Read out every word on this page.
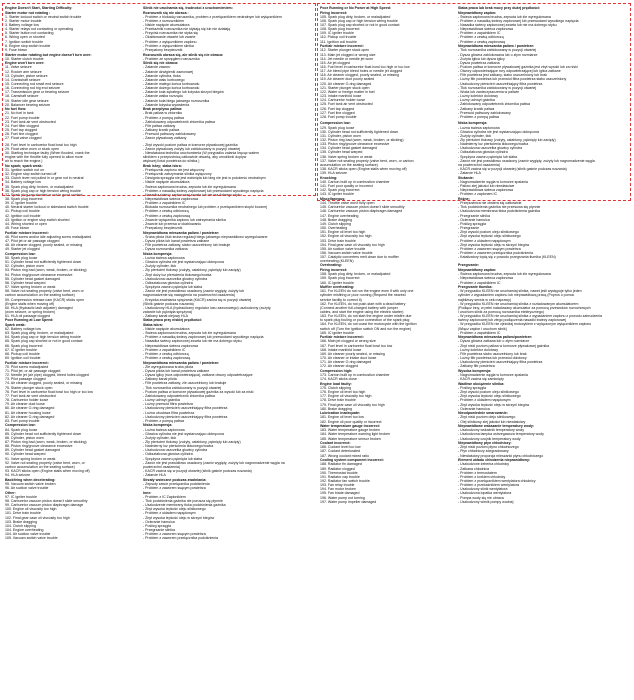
Engine Doesn't Start, Starting Difficulty:	Silnik nie uruchamia się, trudności z uruchomieniem:
Starter motor not rotating :	Rozrusznik się nie obraca :
1. Starter lockout switch or neutral switch trouble	- Problem z blokadą rozrusznika, problem z przełącznikiem neutralnym lub wyłącznikiem
2. Starter motor trouble	- Problem z rozrusznikiem
3. Battery voltage low	- Niskie napięcie akumulatora
4. Starter relays not contacting or operating	- Przekaźniki rozrusznika nie stykają się lub nie działają
5. Starter button not contacting	- Przycisk rozrusznika nie styka się
6. Wiring open or shorted	- Okablowanie otwarte lub zwarte
7. Ignition switch trouble	- Problem z wyłącznikiem zapłonu
8. Engine stop switch trouble	- Problem z wyłącznikiem silnika
9. Fuse blown	- Przepalony bezpiecznik
Starter motor rotating but engine doesn't turn over:	Rozrusznik obraca się, ale silnik się nie obraca:
10. Starter clutch trouble	- Problem ze sprzęgłem rozrusznika
Engine won't turn over:	Silnik się nie obraca:
11. Valve seizure	- Zatarcie zaworu
12. Rocker arm seizure	- Zatarcie dźwigienki zaworowej
13. Cylinder, piston seizure	- Zatarcie cylindra, tłoka
14. Crankshaft seizure	- Zatarcie wału korbowego
15. Connecting rod small end seizure	- Zatarcie małego końca korbowodu
16. Connecting rod big end seizure	- Zatarcie dużego końca korbowodu
17. Transmission gear or bearing seizure	- Zatarcie koła zębatego lub łożyska skrzyni biegów
18. Camshaft seizure	- Zatarcie wałka rozrządu
19. Starter idle gear seizure	- Zatarcie koła biegu jałowego rozrusznika
20. Balancer bearing seizure	- Zatarcie łożyska wyważenia
No fuel flow:	Brak przepływu paliwa:
21. No fuel in tank	- Brak paliwa w zbiorniku
22. Fuel pump trouble	- Problem z pompą paliwa
23. Fuel tank air vent obstructed	- Zablokowany odpowietrznik zbiornika paliwa
24. Fuel filter clogged	- Filtr paliwa zatkany
25. Fuel tap clogged	- Zatkany kranik paliwa
26. Fuel line clogged	- Przewód paliwowy zablokowany
27. Float valve clogged	- Zawór pływakowy zatkany
28. Fuel level in carburetor float bowl too high	- Zbyt wysoki poziom paliwa w komorze pływakowej gaźnika
29. Float valve worn or stuck open	- Zawór pływakowy zużyty lub zablokowany w pozycji otwartej
30. Starting technique faulty (When flooded, crank the	- Niewłaściwa technika uruchomienia (W przypadku zalania kręcąc wałem
engine with the throttle fully opened to allow more	silnikiem z przepustnicą całkowicie otwartą, aby umożliwić dopływ
air to reach the engine.)	większej ilości powietrza do silnika.)
No spark; spark weak:	Brak iskry; słaba iskra:
31. Ignition switch not on	- Przełącznik zapłonu nie jest włączony
32. Engine stop switch turned off	- Przełącznik zatrzymania silnika wyłączony
33. Clutch lever not pulled in or gear not in neutral	- Dźwignia sprzęgła nie jest wciśnięta lub bieg nie jest w położeniu neutralnym
34. Battery voltage low	- Niskie napięcie akumulatora
35. Spark plug dirty, broken, or maladjusted	- Świeca zapłonowa brudna, zepsuta lub źle wyregulowana
36. Spark plug cap or high tension wiring trouble	- Problem z nasadką świecy zapłonowej lub przewodami wysokiego napięcia
37. Spark plug cap shorted or not in good contact	- Nasadka świecy zapłonowej zwarta lub nie ma dobrego styku
38. Spark plug incorrect	- Nieprawidłowa świeca zapłonowa
39. IC igniter trouble	- Problem z zapalnikiem IC
40. Neutral starter lockout or sidestand switch trouble	- Blokada rozrusznika neutralnego lub problem z przełącznikiem stopki bocznej
41. Pickup coil trouble	- Problem z cewką odbiorczą
42. Ignition coil trouble	- Problem z cewką zapłonową
43. Ignition or engine stop switch shorted	- Zwarcie wyłącznika zapłonu lub zatrzymania silnika
44. Wiring shorted or open	- Zwarcie lub przerwa w okablowaniu
45. Fuse blown	- Przepalony bezpiecznik
Fuel/air mixture incorrect:	Nieprawidłowa mieszanka paliwo / powietrze:
46. Pilot screw and/or idle adjusting screw maladjusted	- Śruba pilota i/lub śruba regulacji biegu jałowego nieprawidłowo wyregulowane
47. Pilot jet or air passage clogged	- Dysza pilota lub kanał powietrza zatkane
48. Air cleaner clogged, poorly sealed, or missing	- Filtr powietrza zatkany, słabo uszczelniony lub brakuje
49. Starter jet clogged	- Dysza rozrusznika zatkana
Compression low:	Niska kompresja:
50. Spark plug loose	- Luźna świeca zapłonowa
51. Cylinder head not sufficiently tightened down	- Głowica cylindra nie jest wystarczająco dokręcona
52. Cylinder, piston worn	- Zużyty cylinder, tłok
53. Piston ring bad (worn, weak, broken, or sticking)	- Zły pierścień tłokowy (zużyty, osłabiony, pęknięty lub zacięty)
54. Piston ring/groove clearance excessive	- Zbyt duży luz pierścienia tłokowego/rowka
55. Cylinder head gasket damaged	- Uszkodzona uszczelka głowicy cylindra
56. Cylinder head warped	- Odkształcona głowica cylindra
57. Valve spring broken or weak	- Sprężyna zaworu pęknięta lub słaba
58. Valve not seating properly (valve bent, worn or	- Zawór nie jest prawidłowo osadzony (zawór wygięty, zużyty lub
carbon accumulation on the seating surface)	nagromadzenie się nawęglenia na powierzchni osadzenia)
59. Compression release cam (KACR) sticks open	- Krzywka zwalniania sprężania (KACR) zacina się w pozycji otwartej
(Engine stalls when moving off)	(Silnik gaśnie podczas ruszania)
60. HLA (Hydraulic lash adjuster) damaged	- Uszkodzony HLA (hydrauliczny regulator luzu zaworowego) uszkodzony (zużyty,
(worn seizure, or spring broken)	zatarcie lub pęknięta sprężyna)
61. HLA oil passage clogged	- Zatkany kanał olejowy HLA
Poor Running at Low Speed:	Słaba praca przy niskiej prędkości:
Spark weak:	Słaba iskra:
62. Battery voltage low	- Niskie napięcie akumulatora
63. Spark plug dirty, broken, or maladjusted	- Świeca zapłonowa brudna, zepsuta lub źle wyregulowana
64. Spark plug cap or high tension wiring trouble	- Problem z nasadką świecy zapłonowej lub przewodami wysokiego napięcia
65. Spark plug cap shorted or not in good contact	- Nasadka świecy zapłonowej zwarta lub nie ma dobrego styku
66. Spark plug incorrect	- Nieprawidłowa świeca zapłonowa
67. IC igniter trouble	- Problem z zapalnikiem IC
68. Pickup coil trouble	- Problem z cewką odbiorczą
69. Ignition coil trouble	- Problem z cewką zapłonową
Fuel/air mixture incorrect:	Nieprawidłowa mieszanka paliwo / powietrze:
70. Pilot screw maladjusted	- Źle wyregulowana śruba pilota
71. Pilot jet, or air passage clogged	- Dysza pilota lub kanał powietrza zatkane
72. Needle jet (air pipe) clogged, bleed holes clogged	- Dysza iglicy (rura odpowietrzająca), zatkane otwory odpowietrzające
73. Pilot passage clogged	- Zatkany kanał pilota
74. Air cleaner clogged, poorly sealed, or missing	- Filtr powietrza zatkany, źle uszczelniony lub brakuje
75. Starter plunger stuck open	- Tłok rozrusznika zablokowany w pozycji otwartej
76. Fuel level in carburetor float bowl too high or too low	- Poziom paliwa w komorze pływakowej gaźnika za wysoki lub za niski
77. Fuel tank air vent obstructed	- Zablokowany odpowietrznik zbiornika paliwa
78. Carburetor holder loose	- Luźny uchwyt gaźnika
79. Air cleaner duct loose	- Luźny przewód filtra powietrza
80. Air cleaner O-ring damaged	- Uszkodzony pierścień uszczelniający filtra powietrza
81. Air cleaner housing loose	- Luźna obudowa filtra powietrza
82. Air cleaner O-ring damaged	- Uszkodzony pierścień uszczelniający filtra powietrza
83. Fuel pump trouble	- Problem z pompą paliwa
Compression low:	Niska kompresja:
84. Spark plug loose	- Luźna świeca zapłonowa
85. Cylinder head not sufficiently tightened down	- Głowica cylindra nie jest wystarczająco dokręcona
86. Cylinder, piston worn	- Zużyty cylinder, tłok
87. Piston ring bad (worn, weak, broken, or sticking)	- Zły pierścień tłokowy (zużyty, osłabiony, pęknięty lub zacięty)
88. Piston ring/groove clearance excessive	- Nadmierny luz pierścienia tłokowego/rowka
89. Cylinder head gasket damaged	- Uszkodzona uszczelka głowicy cylindra
90. Cylinder head warped	- Odkształcona głowica cylindra
91. Valve spring broken or weak	- Sprężyna zaworu pęknięta lub słaba
92. Valve not seating properly (valve bent, worn, or	- Zawór nie jest prawidłowo osadzony (zawór wygięty, zużyty lub nagromadzenie węgla na
carbon accumulation on the seating surface)	powierzchni osadzenia)
93. KACR sticks open (Engine stalls when moving off)	- KACR zacina się w pozycji otwartej (silnik gaśnie podczas ruszania)
94. HLA seizure	- Zatarcie HLA
Backfiring when decelerating:	Strzały wsteczne podczas zwalniania:
95. Vacuum switch valve broken	- Zepsuty zawór przełącznika podciśnienia
96. Air suction valve trouble	- Problem z zaworem ssącym powietrza
Other:	Inne:
97. IC igniter trouble	- Problem z IC Zapłonikiem
98. Carburetor vacuum piston doesn't slide smoothly	- Tłok podciśnienia gaźnika nie porusza się płynnie
99. Carburetor vacuum piston diaphragm damage	- Uszkodzenie membrany tłoka podciśnienia gaźnika
100. Engine oil viscosity too high	- Zbyt wysoka lepkość oleju silnikowego
101. Drive train trouble	- Problem z układem napędowym
102. Final gear case oil viscosity too high	- Zbyt wysoka lepkość oleju w skrzyni biegów
103. Brake dragging	- Ocieranie hamulca
104. Clutch slipping	- Poślizg sprzęgła
104. Engine overheating	- Przegrzanie silnika
104. Air suction valve trouble	- Problem z zaworem ssącym powietrza
105. Vacuum switch valve trouble	- Problem z zaworem przełącznika podciśnienia
Poor Running or No Power at High Speed:	Słaba praca lub brak mocy przy dużej prędkości:
Firing incorrect:	Nieprawidłowy zapłon:
105. Spark plug dirty, broken, or maladjusted	- Świeca zapłonowa brudna, zepsuta lub źle wyregulowana
106. Spark plug cap or high tension wiring trouble	- Problem z nasadką świecy zapłonowej lub przewodami wysokiego napięcia
107. Spark plug cap shorted or not in good contact	- Nasadka świecy zapłonowej zwarta lub nie ma dobrego styku
108. Spark plug incorrect	- Nieprawidłowa świeca zapłonowa
109. IC igniter trouble	- Problem z zapalnikiem IC
110. Pickup coil trouble	- Problem z cewką odbiorczą
111. Ignition coil trouble	- Problem z cewką zapłonową
Fuel/air mixture incorrect:	Nieprawidłowa mieszanka paliwo / powietrze:
112. Starter plunger stuck open	- Tłok rozrusznika zablokowany w pozycji otwartej
113. Main jet clogged or wrong size	- Dysza główna zablokowana lub o złym rozmiarze
114. Jet needle or needle jet worn	- Zużyta iglica lub dysza iglicy
115. Air jet clogged	- Dysza powietrza zatkana
116. Fuel level in carburetor float bowl too high or too low	- Poziom paliwa w komorze pływakowej gaźnika jest zbyt wysoki lub za niski
117. Air bleed pipe bleed holes or needle jet clogged	- Otwory odpowietrzające rury odpowietrzającej lub iglica zatkane
118. Air cleaner clogged, poorly sealed, or missing	- Filtr powietrza jest zatkany, słabo uszczelniony lub brak
119. Air cleaner duct poorly sealed	- Luźny filtr powietrza lub przewód filtra powietrza słabo uszczelniony
120. Air cleaner O-ring damaged	- Uszkodzony pierścień uszczelniający filtra powietrza
121. Starter plunger stuck open	- Tłok rozrusznika zablokowany w pozycji otwartej
122. Water or foreign matter in fuel	- Woda lub zanieczyszczenia w paliwie
123. Intake manifold loose	- Luźny kolektor dolotowy
124. Carburetor holder loose	- Luźny uchwyt gaźnika
125. Fuel tank air vent obstructed	- Zablokowany odpowietrznik zbiornika paliwa
126. Fuel tap clogged	- Zatkany kranik paliwa
127. Fuel line clogged	- Przewód paliwowy zablokowany
128. Fuel pump trouble	- Problem z pompą paliwa
Compression low:	Niska kompresja:
129. Spark plug loose	- Luźna świeca zapłonowa
130. Cylinder head not sufficiently tightened down	- Głowica cylindra nie jest wystarczająco dokręcona
131. Cylinder, piston worn	- Zużyty cylinder, tłok
132. Piston ring bad (worn, weak, broken, or sticking)	- Zły pierścień tłokowy (zużyty, osłabiony, pęknięty lub zacięty)
133. Piston ring/groove clearance excessive	- Nadmierny luz pierścienia tłokowego/rowka
134. Cylinder head gasket damaged	- Uszkodzona uszczelka głowicy cylindra
135. Cylinder head warped	- Odkształcona głowica cylindra
136. Valve spring broken or weak	- Sprężyna zaworu pęknięta lub słaba
137. Valve not seating properly (valve bent, worn, or carbon	- Zawór nie jest prawidłowo osadzony (zawór wygięty, zużyty lub nagromadzenie węgla
accumulation on the seating surface)	na powierzchni osadzenia)
138. KACR sticks open (Engine stalls when moving off)	- KACR zacina się w pozycji otwartej (silnik gaśnie podczas ruszania)
139. HLA seizure	- Zatarcie HLA
Knocking:	Stukanie:
140. Carbon built up in combustion chamber	- Nagromadzenie węgla w komorze spalania
141. Fuel poor quality or incorrect	- Paliwo złej jakości lub niewłaściwe
142. Spark plug incorrect	- Nieprawidłowa świeca zapłonowa
143. IC igniter trouble	- Problem z zapłonem IC
Miscellaneous:	Różne:
144. Throttle valve won't fully open	- Przepustnica nie otwiera się całkowicie
145. Carburetor vacuum piston doesn't slide smoothly	- Tłok podciśnienia gaźnika nie przesuwa się płynnie
146. Carburetor vacuum piston diaphragm damaged	- Uszkodzona membrana tłoka podciśnienia gaźnika
147. Engine overheating	- Przegrzanie silnika
148. Brake dragging	- Ocieranie hamulca
149. Clutch slipping	- Poślizg sprzęgła
150. Overheating	- Przegrzanie
151. Engine oil level too high	- Zbyt wysoki poziom oleju silnikowego
152. Engine oil viscosity too high	- Zbyt wysoka lepkość oleju silnikowego
153. Drive train trouble	- Problem z układem napędowym
154. Final gear case oil viscosity too high	- Zbyt wysoka lepkość oleju w skrzyni biegów
155. Air suction valve trouble	- Problem z zaworem ssącym powietrza
156. Vacuum switch valve trouble	- Problem z zaworem przełącznika podciśnienia
157. Catalytic converters melt down due to muffler	- Katalizatory topią się z powodu przegrzania tłumika (KLEEN)
overheating (KLEEN)
Overheating:	Przegrzanie:
Firing incorrect:	Nieprawidłowy zapłon:
158. Spark plug dirty, broken, or maladjusted	- Świeca zapłonowa brudna, zepsuta lub źle wyregulowana
159. Spark plug incorrect	- Nieprawidłowa świeca zapłonowa
160. IC igniter trouble	- Problem z zapalnikiem IC
Muffler overheating:	Przegrzanie tłumika:
161. For KLEEN do not run the engine even if with only one	- W przypadku KLEEN nie uruchamiaj silnika, nawet jeśli występuje tylko jeden
cylinder misfiring or poor running (Request the nearest	cylinder z wypadaniem zapłonu lub nieprawidłową pracą (Poproś o pomoc
service facility to correct it)	najbliższy serwis w celu naprawy)
162. For KLEEN, do not push-start with a dead battery	- W przypadku KLEEN nie uruchamiaj silnika z rozładowanym akumulatorem
(Connect another full-charged battery with jumper	(Podłącz inny, w pełni naładowany akumulator za pomocą przewodów rozruchowych
cables, and start the engine using the electric starter)	i uruchom silnik za pomocą rozrusznika elektrycznego)
163. For KLEEN, do not start the engine under misfire due	- W przypadku KLEEN nie uruchamiaj silnika z wypadaniem zapłonu z powodu zabrudzenia
to spark plug fouling or poor connection of the spark plug	świecy zapłonowej lub złego podłączenia nasadki świecy zapłonowej
164. For KLEEN, do not coast the motorcycle with the ignition	- W przypadku KLEEN nie zjeżdżaj motocyklem z wyłączonym wyłącznikiem zapłonu
switch off (Turn the ignition switch ON and run the engine)	(Włącz zapłon i uruchom silnik)
165. IC igniter trouble	- Problem z zapalnikiem IC
Fuel/air mixture incorrect:	Nieprawidłowa mieszanka paliwo/powietrze:
166. Main jet clogged or wrong size	- Dysza główna zatkana lub o złym rozmiarze
167. Fuel level in carburetor float bowl too low	- Zbyt niski poziom paliwa w komorze pływakowej gaźnika
168. Intake manifold loose	- Luźny kolektor dolotowy
169. Air cleaner poorly sealed, or missing	- Filtr powietrza słabo uszczelniony lub brak
170. Air cleaner or intake duct loose	- Luźny filtr powietrza lub przewód dolotowy
171. Air cleaner O-ring damaged	- Uszkodzony pierścień uszczelniający filtra powietrza
172. Air cleaner clogged	- Zatkany filtr powietrza
Compression high:	Wysoka kompresja:
173. Carbon built up in combustion chamber	- Nagromadzenie węgla w komorze spalania
174. KACR sticks close	- KACR zacina się zamknięty
Engine load faulty:	Wadliwe obciążenie silnika:
175. Clutch slipping	- Poślizg sprzęgła
176. Engine oil level too high	- Zbyt wysoki poziom oleju silnikowego
177. Engine oil viscosity too high	- Zbyt wysoka lepkość oleju silnikowego
178. Drive train trouble	- Problem z układem napędowym
179. Final gear case oil viscosity too high	- Zbyt wysoka lepkość oleju w skrzyni biegów
180. Brake dragging	- Ocieranie hamulca
Lubrication inadequate:	Nieodpowiednie smarowanie:
181. Engine oil level too low	- Zbyt niski poziom oleju silnikowego
182. Engine oil poor quality or incorrect	- Olej silnikowy złej jakości lub niewłaściwy
Water temperature gauge incorrect:	Nieprawidłowe wskazanie temperatury wody:
183. Water temperature gauge broken	- Uszkodzony wskaźnik temperatury wody
184. Water temperature warning light broken	- Uszkodzona lampka ostrzegawcza temperatury wody
185. Water temperature sensor broken	- Uszkodzony czujnik temperatury wody
Coolant incorrect:	Nieprawidłowy płyn chłodniczy:
186. Coolant level too low	- Zbyt niski poziom płynu chłodniczego
187. Coolant deteriorated	- Płyn chłodniczy zdegradowany
187. Wrong coolant mixed ratio	- Niewłaściwy proporcja mieszanki płynu chłodniczego
Cooling system component incorrect:	Element układu chłodzenia nieprawidłowy:
188. Radiator fin damaged	- Uszkodzone żeberka chłodnicy
189. Radiator clogged	- Zatkana chłodnica
190. Thermostat trouble	- Problem z termostatem
191. Radiator cap trouble	- Problem z korkiem chłodnicy
192. Radiator fan switch trouble	- Problem z przełącznikiem wentylatora chłodnicy
193. Fan relay trouble	- Problem z przekaźnikiem wentylatora
194. Fan motor broken	- Uszkodzony silnik wentylatora
195. Fan blade damaged	- Uszkodzona łopatka wentylatora
196. Water pump not turning	- Pompa wody się nie obraca
197. Water pump impeller damaged	- Uszkodzony wirnik pompy wodnej
